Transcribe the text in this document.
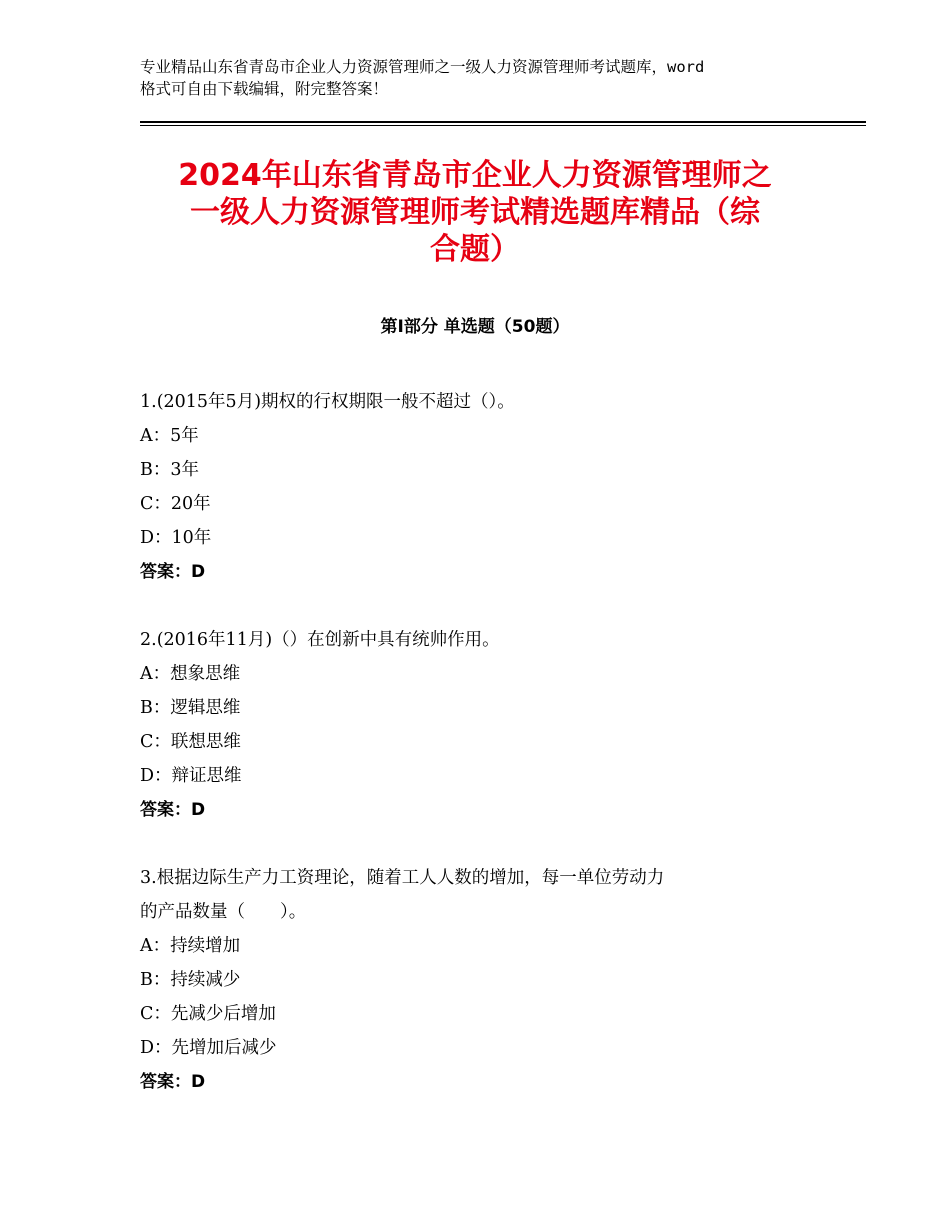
专业精品山东省青岛市企业人力资源管理师之一级人力资源管理师考试题库，word
格式可自由下载编辑，附完整答案！
2024年山东省青岛市企业人力资源管理师之
一级人力资源管理师考试精选题库精品（综
合题）
第Ⅰ部分 单选题（50题）

1.(2015年5月)期权的行权期限一般不超过（）。

A：5年

B：3年

C：20年

D：10年

答案：D

2.(2016年11月)（）在创新中具有统帅作用。

A：想象思维

B：逻辑思维

C：联想思维

D：辩证思维

答案：D

3.根据边际生产力工资理论，随着工人人数的增加，每一单位劳动力

的产品数量（　　）。

A：持续增加

B：持续减少

C：先减少后增加

D：先增加后减少

答案：D
